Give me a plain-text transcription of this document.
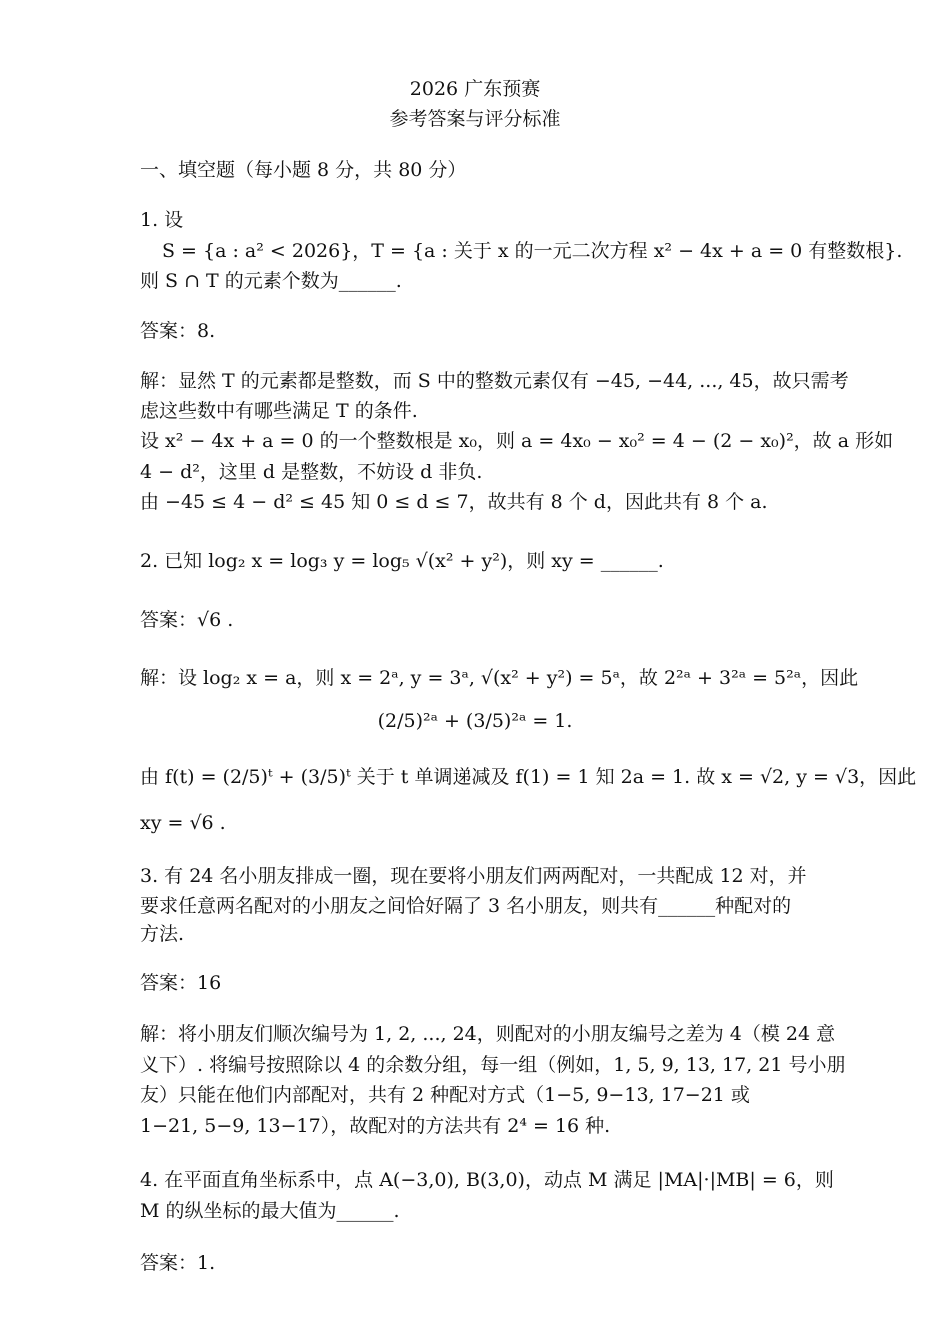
2026 广东预赛
参考答案与评分标准
一、填空题（每小题 8 分，共 80 分）
1. 设
S = {a : a² < 2026}，T = {a : 关于 x 的一元二次方程 x² − 4x + a = 0 有整数根}.
则 S ∩ T 的元素个数为______.
答案：8.
解：显然 T 的元素都是整数，而 S 中的整数元素仅有 −45, −44, ..., 45，故只需考
虑这些数中有哪些满足 T 的条件.
设 x² − 4x + a = 0 的一个整数根是 x₀，则 a = 4x₀ − x₀² = 4 − (2 − x₀)²，故 a 形如
4 − d²，这里 d 是整数，不妨设 d 非负.
由 −45 ≤ 4 − d² ≤ 45 知 0 ≤ d ≤ 7，故共有 8 个 d，因此共有 8 个 a.
2. 已知 log₂ x = log₃ y = log₅ √(x² + y²)，则 xy = ______.
答案：√6 .
解：设 log₂ x = a，则 x = 2ᵃ, y = 3ᵃ, √(x² + y²) = 5ᵃ，故 2²ᵃ + 3²ᵃ = 5²ᵃ，因此
(2/5)²ᵃ + (3/5)²ᵃ = 1.
由 f(t) = (2/5)ᵗ + (3/5)ᵗ 关于 t 单调递减及 f(1) = 1 知 2a = 1. 故 x = √2, y = √3，因此
xy = √6 .
3. 有 24 名小朋友排成一圈，现在要将小朋友们两两配对，一共配成 12 对，并
要求任意两名配对的小朋友之间恰好隔了 3 名小朋友，则共有______种配对的
方法.
答案：16
解：将小朋友们顺次编号为 1, 2, ..., 24，则配对的小朋友编号之差为 4（模 24 意
义下）. 将编号按照除以 4 的余数分组，每一组（例如，1, 5, 9, 13, 17, 21 号小朋
友）只能在他们内部配对，共有 2 种配对方式（1−5, 9−13, 17−21 或
1−21, 5−9, 13−17），故配对的方法共有 2⁴ = 16 种.
4. 在平面直角坐标系中，点 A(−3,0), B(3,0)，动点 M 满足 |MA|·|MB| = 6，则
M 的纵坐标的最大值为______.
答案：1.
